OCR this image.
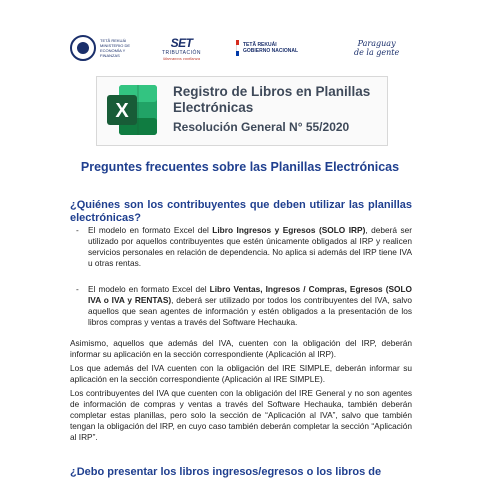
TETÃ REKUÁI MINISTERIO DE ECONOMÍA Y FINANZAS
SET
TRIBUTACIÓN
Marcamos confianza
TETÃ REKUÁI
GOBIERNO NACIONAL
Paraguay
de la gente
X
Registro de Libros en Planillas Electrónicas
Resolución General N° 55/2020
Preguntes frecuentes sobre las Planillas Electrónicas
¿Quiénes son los contribuyentes que deben utilizar las planillas electrónicas?
- El modelo en formato Excel del Libro Ingresos y Egresos (SOLO IRP), deberá ser utilizado por aquellos contribuyentes que estén únicamente obligados al IRP y realicen servicios personales en relación de dependencia. No aplica si además del IRP tiene IVA u otras rentas.
- El modelo en formato Excel del Libro Ventas, Ingresos / Compras, Egresos (SOLO IVA o IVA y RENTAS), deberá ser utilizado por todos los contribuyentes del IVA, salvo aquellos que sean agentes de información y estén obligados a la presentación de los libros compras y ventas a través del Software Hechauka.
Asimismo, aquellos que además del IVA, cuenten con la obligación del IRP, deberán informar su aplicación en la sección correspondiente (Aplicación al IRP).
Los que además del IVA cuenten con la obligación del IRE SIMPLE, deberán informar su aplicación en la sección correspondiente (Aplicación al IRE SIMPLE).
Los contribuyentes del IVA que cuenten con la obligación del IRE General y no son agentes de información de compras y ventas a través del Software Hechauka, también deberán completar estas planillas, pero solo la sección de “Aplicación al IVA”, salvo que también tengan la obligación del IRP, en cuyo caso también deberán completar la sección “Aplicación al IRP”.
¿Debo presentar los libros ingresos/egresos o los libros de
